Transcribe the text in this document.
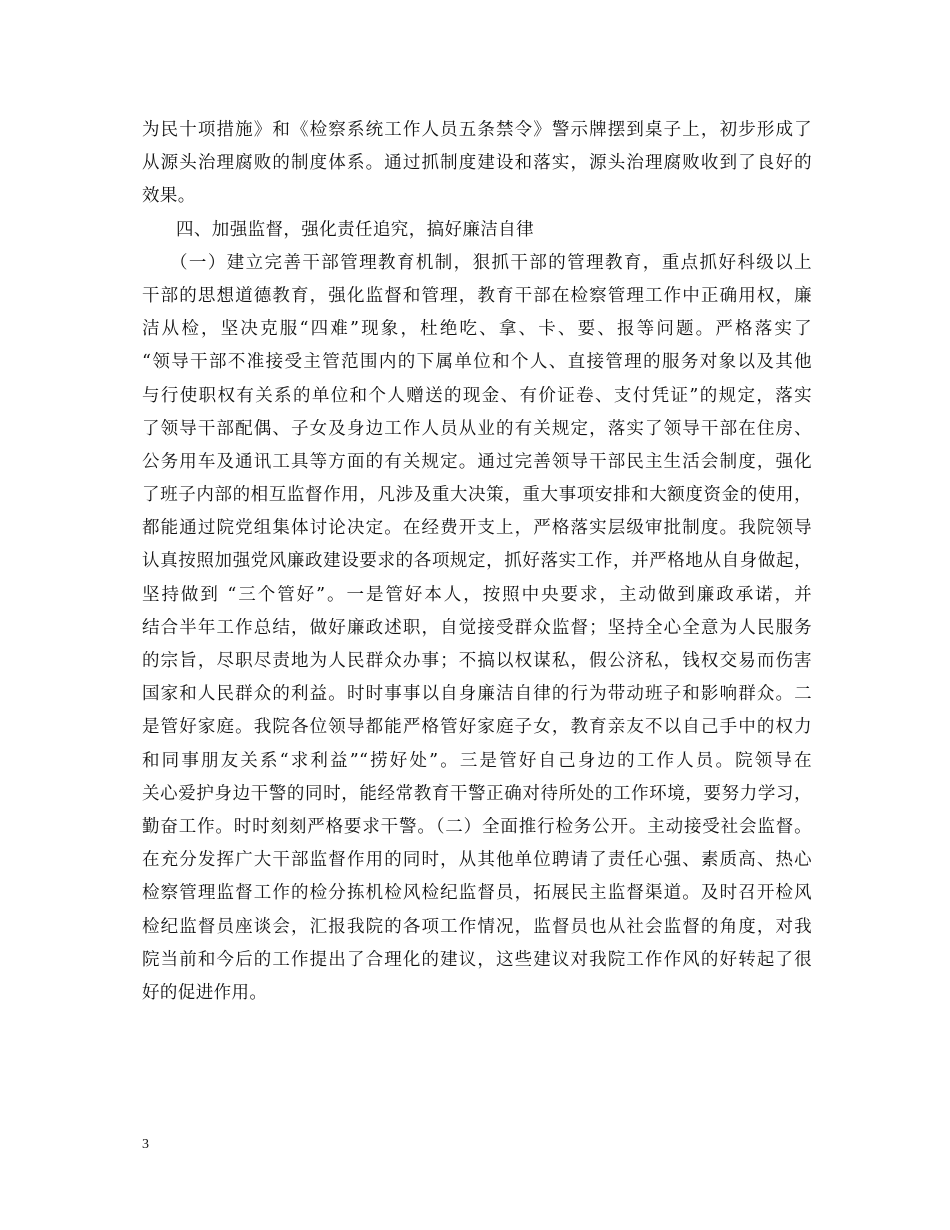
为民十项措施》和《检察系统工作人员五条禁令》警示牌摆到桌子上，初步形成了
从源头治理腐败的制度体系。通过抓制度建设和落实，源头治理腐败收到了良好的
效果。
四、加强监督，强化责任追究，搞好廉洁自律
（一）建立完善干部管理教育机制，狠抓干部的管理教育，重点抓好科级以上
干部的思想道德教育，强化监督和管理，教育干部在检察管理工作中正确用权，廉
洁从检，坚决克服“四难”现象，杜绝吃、拿、卡、要、报等问题。严格落实了
“领导干部不准接受主管范围内的下属单位和个人、直接管理的服务对象以及其他
与行使职权有关系的单位和个人赠送的现金、有价证卷、支付凭证”的规定，落实
了领导干部配偶、子女及身边工作人员从业的有关规定，落实了领导干部在住房、
公务用车及通讯工具等方面的有关规定。通过完善领导干部民主生活会制度，强化
了班子内部的相互监督作用，凡涉及重大决策，重大事项安排和大额度资金的使用，
都能通过院党组集体讨论决定。在经费开支上，严格落实层级审批制度。我院领导
认真按照加强党风廉政建设要求的各项规定，抓好落实工作，并严格地从自身做起，
坚持做到 “三个管好”。一是管好本人，按照中央要求，主动做到廉政承诺，并
结合半年工作总结，做好廉政述职，自觉接受群众监督；坚持全心全意为人民服务
的宗旨，尽职尽责地为人民群众办事；不搞以权谋私，假公济私，钱权交易而伤害
国家和人民群众的利益。时时事事以自身廉洁自律的行为带动班子和影响群众。二
是管好家庭。我院各位领导都能严格管好家庭子女，教育亲友不以自己手中的权力
和同事朋友关系“求利益”“捞好处”。三是管好自己身边的工作人员。院领导在
关心爱护身边干警的同时，能经常教育干警正确对待所处的工作环境，要努力学习，
勤奋工作。时时刻刻严格要求干警。（二）全面推行检务公开。主动接受社会监督。
在充分发挥广大干部监督作用的同时，从其他单位聘请了责任心强、素质高、热心
检察管理监督工作的检分拣机检风检纪监督员，拓展民主监督渠道。及时召开检风
检纪监督员座谈会，汇报我院的各项工作情况，监督员也从社会监督的角度，对我
院当前和今后的工作提出了合理化的建议，这些建议对我院工作作风的好转起了很
好的促进作用。
3
